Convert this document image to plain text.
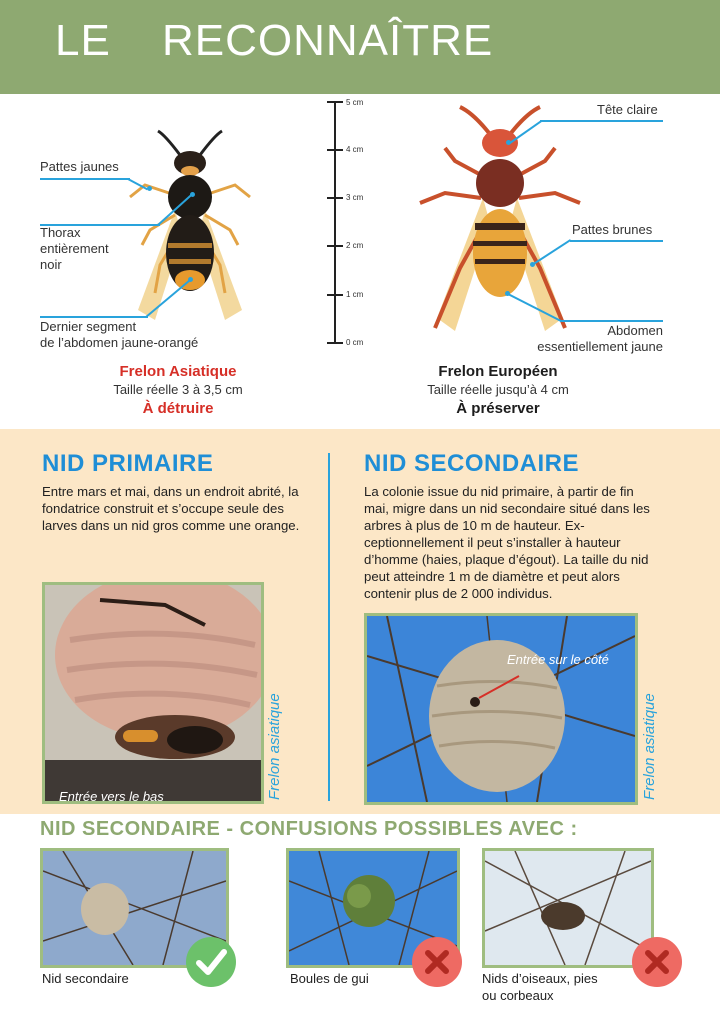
LE RECONNAÎTRE
5 cm
4 cm
3 cm
2 cm
1 cm
0 cm
Pattes jaunes
Thorax
entièrement
noir
Dernier segment
de l’abdomen jaune-orangé
Frelon Asiatique
Taille réelle 3 à 3,5 cm
À détruire
Tête claire
Pattes brunes
Abdomen
essentiellement jaune
Frelon Européen
Taille réelle jusqu’à 4 cm
À préserver
NID PRIMAIRE

Entre mars et mai, dans un endroit abrité, la fondatrice construit et s’occupe seule des larves dans un nid gros comme une orange.

NID SECONDAIRE

La colonie issue du nid primaire, à partir de fin mai, migre dans un nid secondaire situé dans les arbres à plus de 10 m de hauteur. Ex-ceptionnellement il peut s’installer à hauteur d’homme (haies, plaque d’égout). La taille du nid peut atteindre 1 m de diamètre et peut alors contenir plus de 2 000 individus.

Entrée vers le bas	Frelon asiatique
Entrée sur le côté
Frelon asiatique
NID SECONDAIRE - CONFUSIONS POSSIBLES AVEC :
Nid secondaire	Boules de gui	Nids d’oiseaux, pies
ou corbeaux
